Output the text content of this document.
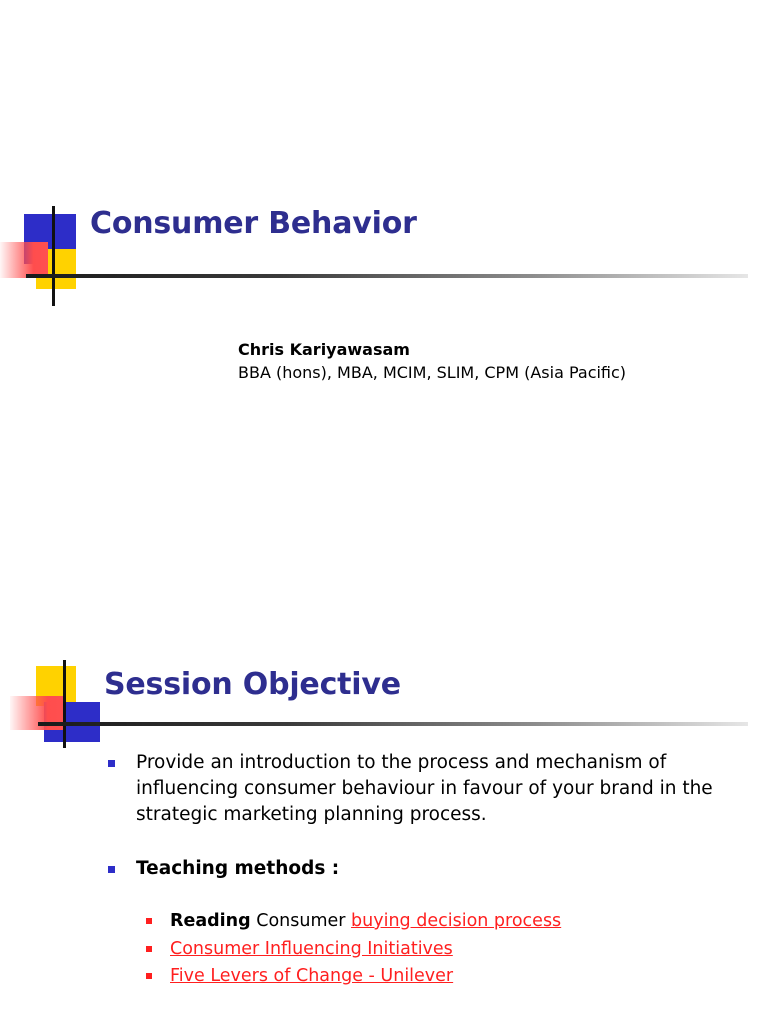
Consumer Behavior
Chris Kariyawasam
BBA (hons), MBA, MCIM, SLIM, CPM (Asia Pacific)
Session Objective

Provide an introduction to the process and mechanism of influencing consumer behaviour in favour of your brand in the strategic marketing planning process.

Teaching methods :

Reading Consumer buying decision process
Consumer Influencing Initiatives
Five Levers of Change - Unilever
